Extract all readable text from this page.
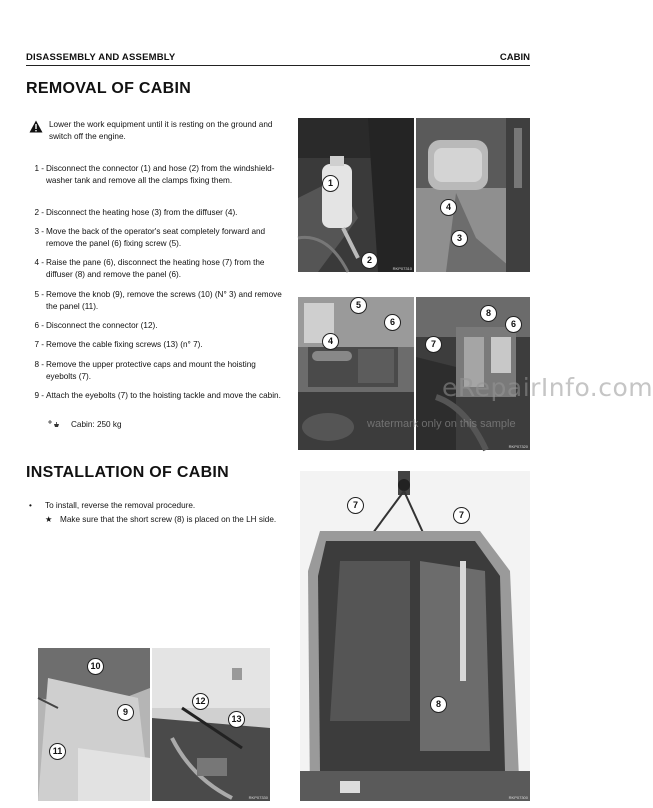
DISASSEMBLY AND ASSEMBLY	CABIN
REMOVAL OF CABIN
Lower the work equipment until it is resting on the ground and switch off the engine.
1 - Disconnect the connector (1) and hose (2) from the windshield-washer tank and remove all the clamps fixing them.
2 - Disconnect the heating hose (3) from the diffuser (4).
3 - Move the back of the operator's seat completely forward and remove the panel (6) fixing screw (5).
4 - Raise the pane (6), disconnect the heating hose (7) from the diffuser (8) and remove the panel (6).
5 - Remove the knob (9), remove the screws (10) (N° 3) and remove the panel (11).
6 - Disconnect the connector (12).
7 - Remove the cable fixing screws (13) (n° 7).
8 - Remove the upper protective caps and mount the hoisting eyebolts (7).
9 - Attach the eyebolts (7) to the hoisting tackle and move the cabin.
Cabin: 250 kg
INSTALLATION OF CABIN
• To install, reverse the removal procedure.
★ Make sure that the short screw (8) is placed on the LH side.
RKP07310
RKP07320
RKP07330	RKP07300
1
2
3
4
4
5
6	6
7
8
7
7
8
9
10
11
12
13
eRepairInfo.com
watermark only on this sample
